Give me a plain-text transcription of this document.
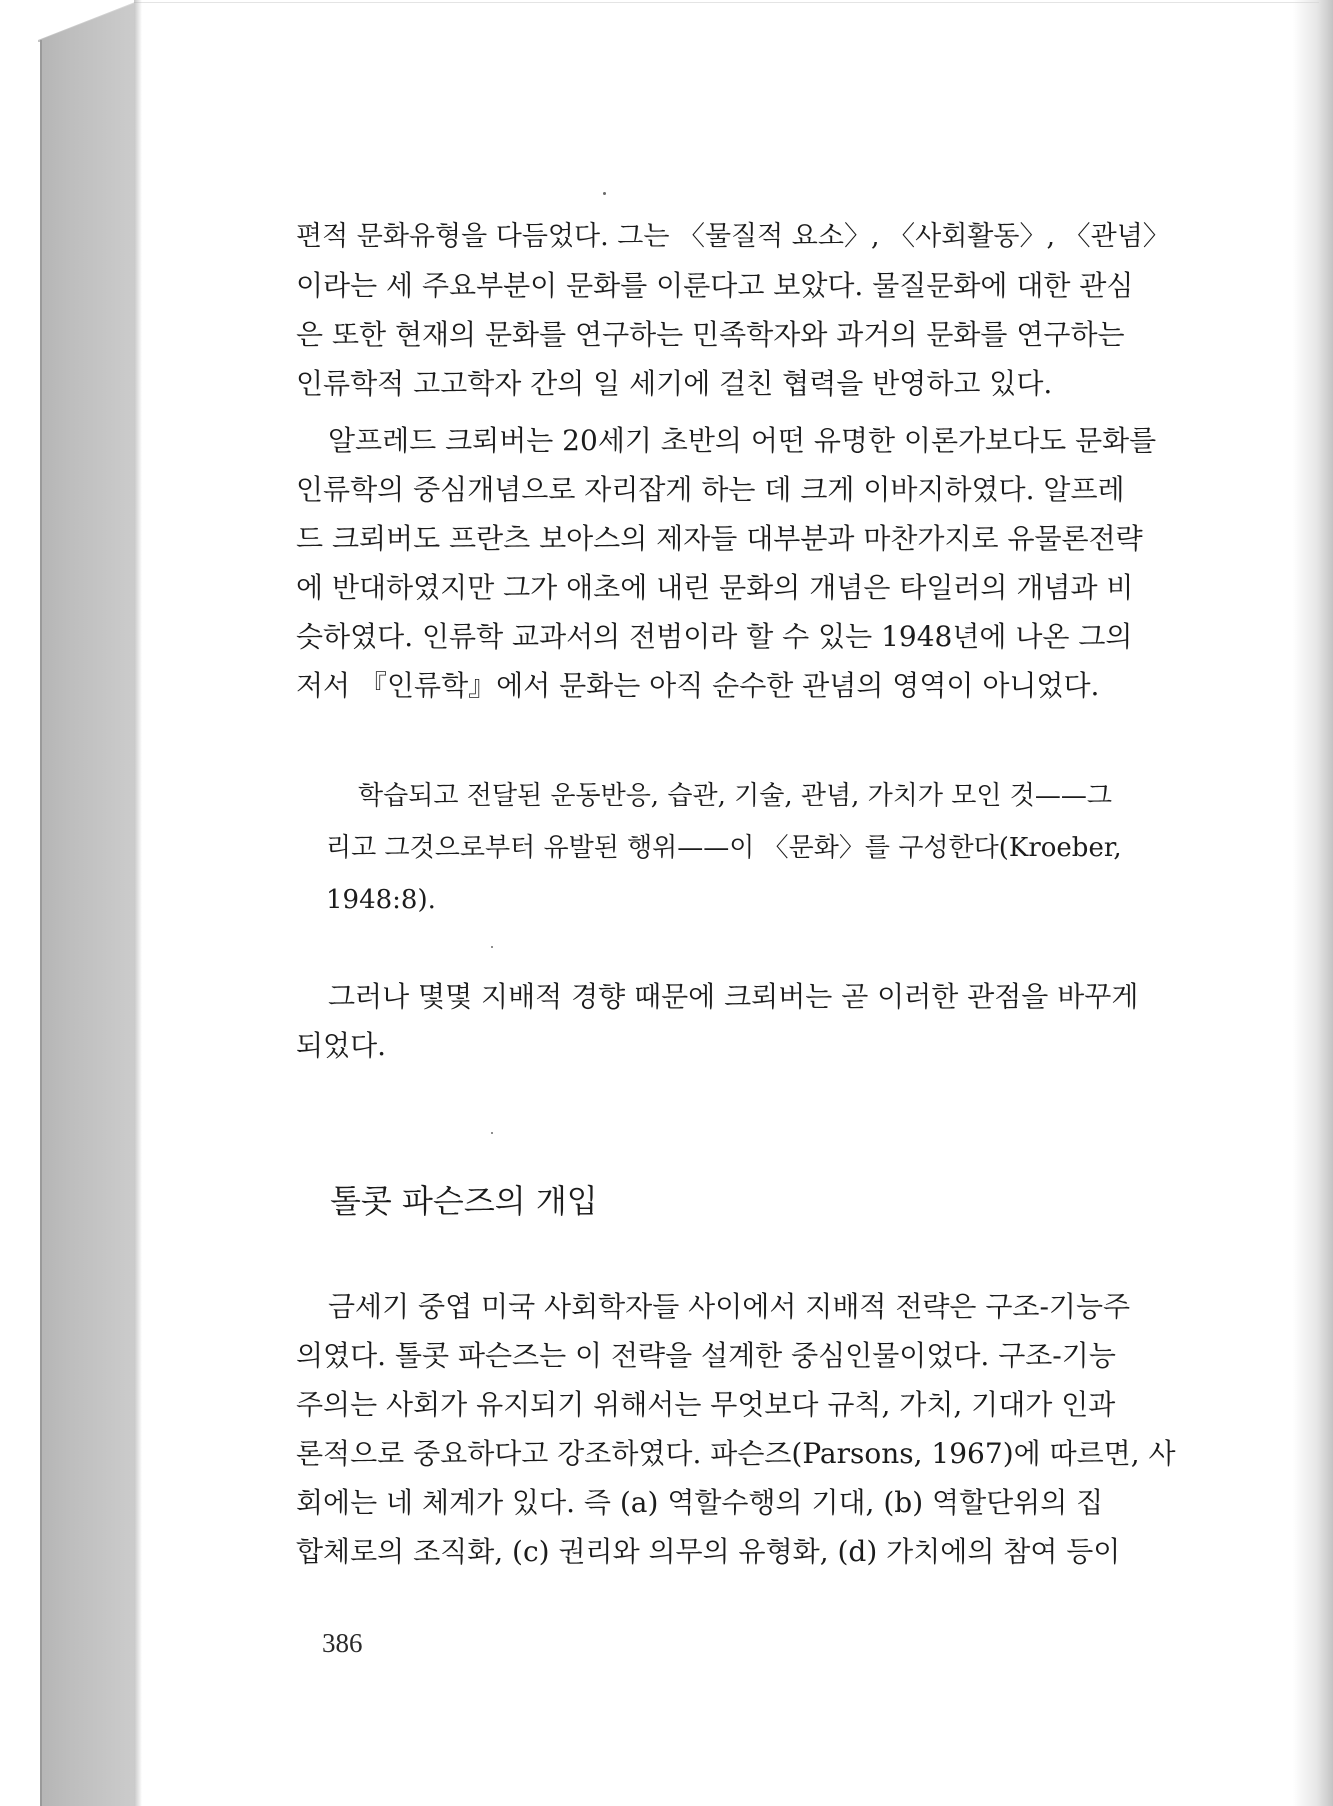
편적 문화유형을 다듬었다. 그는 〈물질적 요소〉, 〈사회활동〉, 〈관념〉
이라는 세 주요부분이 문화를 이룬다고 보았다. 물질문화에 대한 관심
은 또한 현재의 문화를 연구하는 민족학자와 과거의 문화를 연구하는
인류학적 고고학자 간의 일 세기에 걸친 협력을 반영하고 있다.
알프레드 크뢰버는 20세기 초반의 어떤 유명한 이론가보다도 문화를
인류학의 중심개념으로 자리잡게 하는 데 크게 이바지하였다. 알프레
드 크뢰버도 프란츠 보아스의 제자들 대부분과 마찬가지로 유물론전략
에 반대하였지만 그가 애초에 내린 문화의 개념은 타일러의 개념과 비
슷하였다. 인류학 교과서의 전범이라 할 수 있는 1948년에 나온 그의
저서 『인류학』에서 문화는 아직 순수한 관념의 영역이 아니었다.
학습되고 전달된 운동반응, 습관, 기술, 관념, 가치가 모인 것——그
리고 그것으로부터 유발된 행위——이 〈문화〉를 구성한다(Kroeber,
1948:8).
그러나 몇몇 지배적 경향 때문에 크뢰버는 곧 이러한 관점을 바꾸게
되었다.
톨콧 파슨즈의 개입
금세기 중엽 미국 사회학자들 사이에서 지배적 전략은 구조-기능주
의였다. 톨콧 파슨즈는 이 전략을 설계한 중심인물이었다. 구조-기능
주의는 사회가 유지되기 위해서는 무엇보다 규칙, 가치, 기대가 인과
론적으로 중요하다고 강조하였다. 파슨즈(Parsons, 1967)에 따르면, 사
회에는 네 체계가 있다. 즉 (a) 역할수행의 기대, (b) 역할단위의 집
합체로의 조직화, (c) 권리와 의무의 유형화, (d) 가치에의 참여 등이
386
